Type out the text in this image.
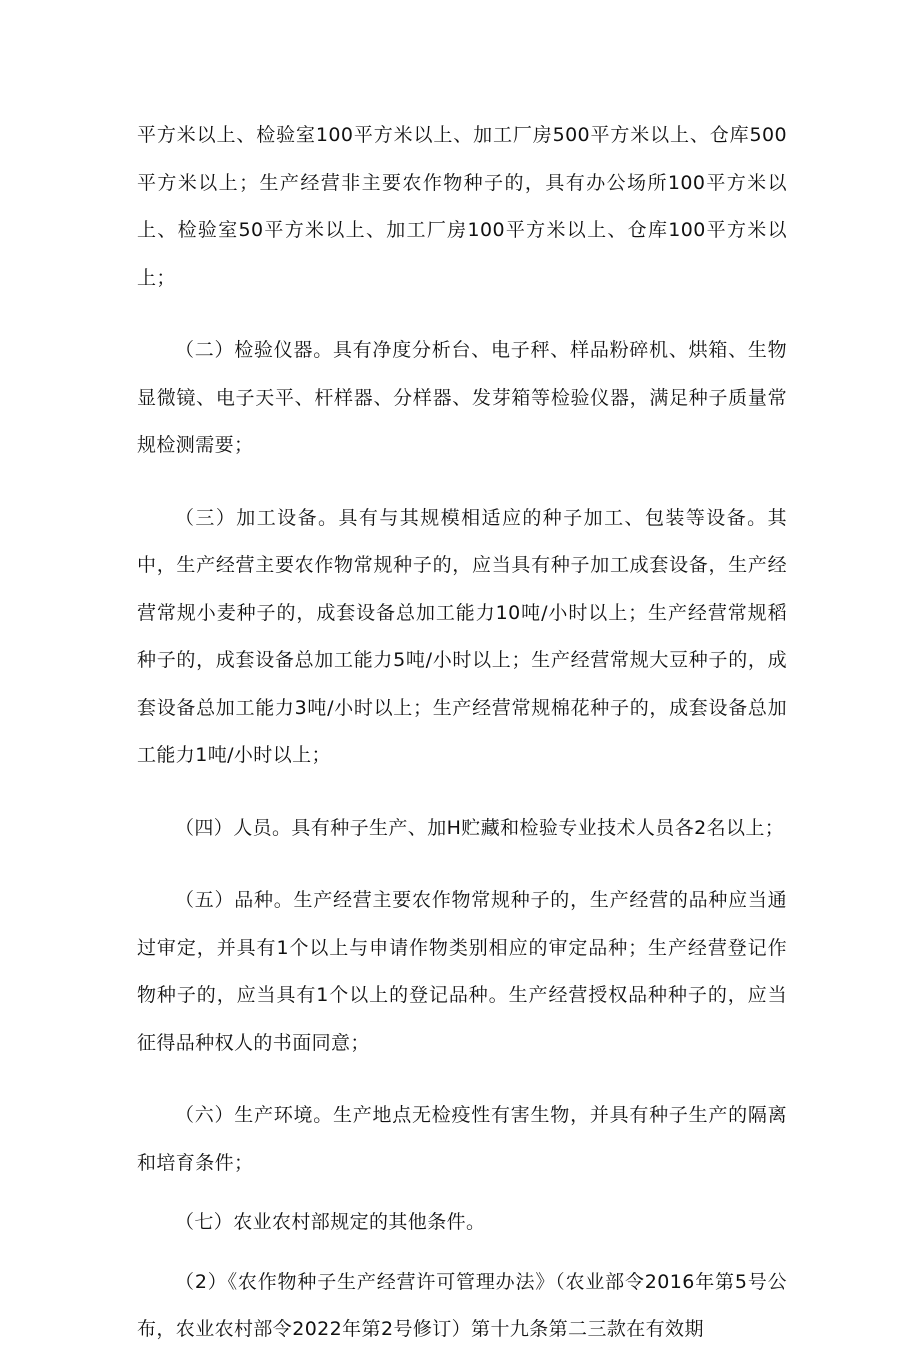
平方米以上、检验室100平方米以上、加工厂房500平方米以上、仓库500平方米以上；生产经营非主要农作物种子的，具有办公场所100平方米以上、检验室50平方米以上、加工厂房100平方米以上、仓库100平方米以上；

（二）检验仪器。具有净度分析台、电子秤、样品粉碎机、烘箱、生物显微镜、电子天平、杆样器、分样器、发芽箱等检验仪器，满足种子质量常规检测需要；

（三）加工设备。具有与其规模相适应的种子加工、包装等设备。其中，生产经营主要农作物常规种子的，应当具有种子加工成套设备，生产经营常规小麦种子的，成套设备总加工能力10吨/小时以上；生产经营常规稻种子的，成套设备总加工能力5吨/小时以上；生产经营常规大豆种子的，成套设备总加工能力3吨/小时以上；生产经营常规棉花种子的，成套设备总加工能力1吨/小时以上；

（四）人员。具有种子生产、加H贮藏和检验专业技术人员各2名以上；

（五）品种。生产经营主要农作物常规种子的，生产经营的品种应当通过审定，并具有1个以上与申请作物类别相应的审定品种；生产经营登记作物种子的，应当具有1个以上的登记品种。生产经营授权品种种子的，应当征得品种权人的书面同意；

（六）生产环境。生产地点无检疫性有害生物，并具有种子生产的隔离和培育条件；

（七）农业农村部规定的其他条件。

（2）《农作物种子生产经营许可管理办法》（农业部令2016年第5号公布，农业农村部令2022年第2号修订）第十九条第二三款在有效期
